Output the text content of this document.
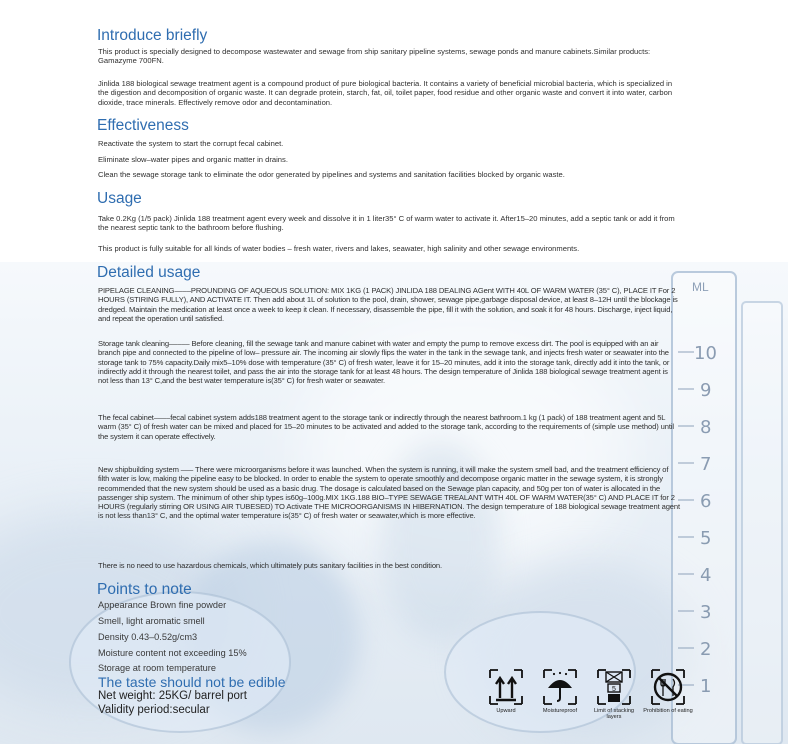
10
9
8
7
6
5
4
3
2
1
ML
Introduce briefly

This product is specially designed to decompose wastewater and sewage from ship sanitary pipeline systems, sewage ponds and manure cabinets.Similar products: Gamazyme 700FN.

Jinlida 188 biological sewage treatment agent is a compound product of pure biological bacteria. It contains a variety of beneficial microbial bacteria, which is specialized in the digestion and decomposition of organic waste. It can degrade protein, starch, fat, oil, toilet paper, food residue and other organic waste and convert it into water, carbon dioxide, trace minerals. Effectively remove odor and decontamination.

Effectiveness

Reactivate the system to start the corrupt fecal cabinet.

Eliminate slow–water pipes and organic matter in drains.

Clean the sewage storage tank to eliminate the odor generated by pipelines and systems and sanitation facilities blocked by organic waste.

Usage

Take 0.2Kg (1/5 pack) Jinlida 188 treatment agent every week and dissolve it in 1 liter35° C of warm water to activate it. After15–20 minutes, add a septic tank or add it from the nearest septic tank to the bathroom before flushing.

This product is fully suitable for all kinds of water bodies – fresh water, rivers and lakes, seawater, high salinity and other sewage environments.

Detailed usage

PIPELAGE CLEANING––––PROUNDING OF AQUEOUS SOLUTION: MIX 1KG (1 PACK) JINLIDA 188 DEALING AGent WITH 40L OF WARM WATER (35° C), PLACE IT For 2 HOURS (STIRING FULLY), AND ACTIVATE IT. Then add about 1L of solution to the pool, drain, shower, sewage pipe,garbage disposal device, at least 8–12H until the blockage is dredged. Maintain the medication at least once a week to keep it clean. If necessary, disassemble the pipe, fill it with the solution, and soak it for 48 hours. Discharge, inject liquid, and repeat the operation until satisfied.

Storage tank cleaning––––– Before cleaning, fill the sewage tank and manure cabinet with water and empty the pump to remove excess dirt. The pool is equipped with an air branch pipe and connected to the pipeline of low– pressure air. The incoming air slowly flips the water in the tank in the sewage tank, and injects fresh water or seawater into the storage tank to 75% capacity.Daily mix5–10% dose with temperature (35° C) of fresh water, leave it for 15–20 minutes, add it into the storage tank, directly add it into the tank, or indirectly add it through the nearest toilet, and pass the air into the storage tank for at least 48 hours. The design temperature of Jinlida 188 biological sewage treatment agent is not less than 13° C,and the best water temperature is(35° C) for fresh water or seawater.

The fecal cabinet––––fecal cabinet system adds188 treatment agent to the storage tank or indirectly through the nearest bathroom.1 kg (1 pack) of 188 treatment agent and 5L warm (35° C) of fresh water can be mixed and placed for 15–20 minutes to be activated and added to the storage tank, according to the requirements of (simple use method) until the system it can operate effectively.

New shipbuilding system ––– There were microorganisms before it was launched. When the system is running, it will make the system smell bad, and the treatment efficiency of filth water is low, making the pipeline easy to be blocked. In order to enable the system to operate smoothly and decompose organic matter in the sewage system, it is strongly recommended that the new system should be used as a basic drug. The dosage is calculated based on the Sewage plan capacity, and 50g per ton of water is allocated in the passenger ship system. The minimum of other ship types is60g–100g.MIX 1KG.188 BIO–TYPE SEWAGE TREALANT WITH 40L OF WARM WATER(35° C) AND PLACE IT for 2 HOURS (regularly stirring OR USING AIR TUBESED) TO Activate THE MICROORGANISMS IN HIBERNATION. The design temperature of 188 biological sewage treatment agent is not less than13° C, and the optimal water temperature is(35° C) of fresh water or seawater,which is more effective.

There is no need to use hazardous chemicals, which ultimately puts sanitary facilities in the best condition.

Points to note

Appearance Brown fine powder

Smell, light aromatic smell

Density 0.43–0.52g/cm3

Moisture content not exceeding 15%

Storage at room temperature

The taste should not be edible

Net weight: 25KG/ barrel port

Validity period:secular	Upward	Moistureproof
5
Limit of stacking layers
Prohibition of eating
